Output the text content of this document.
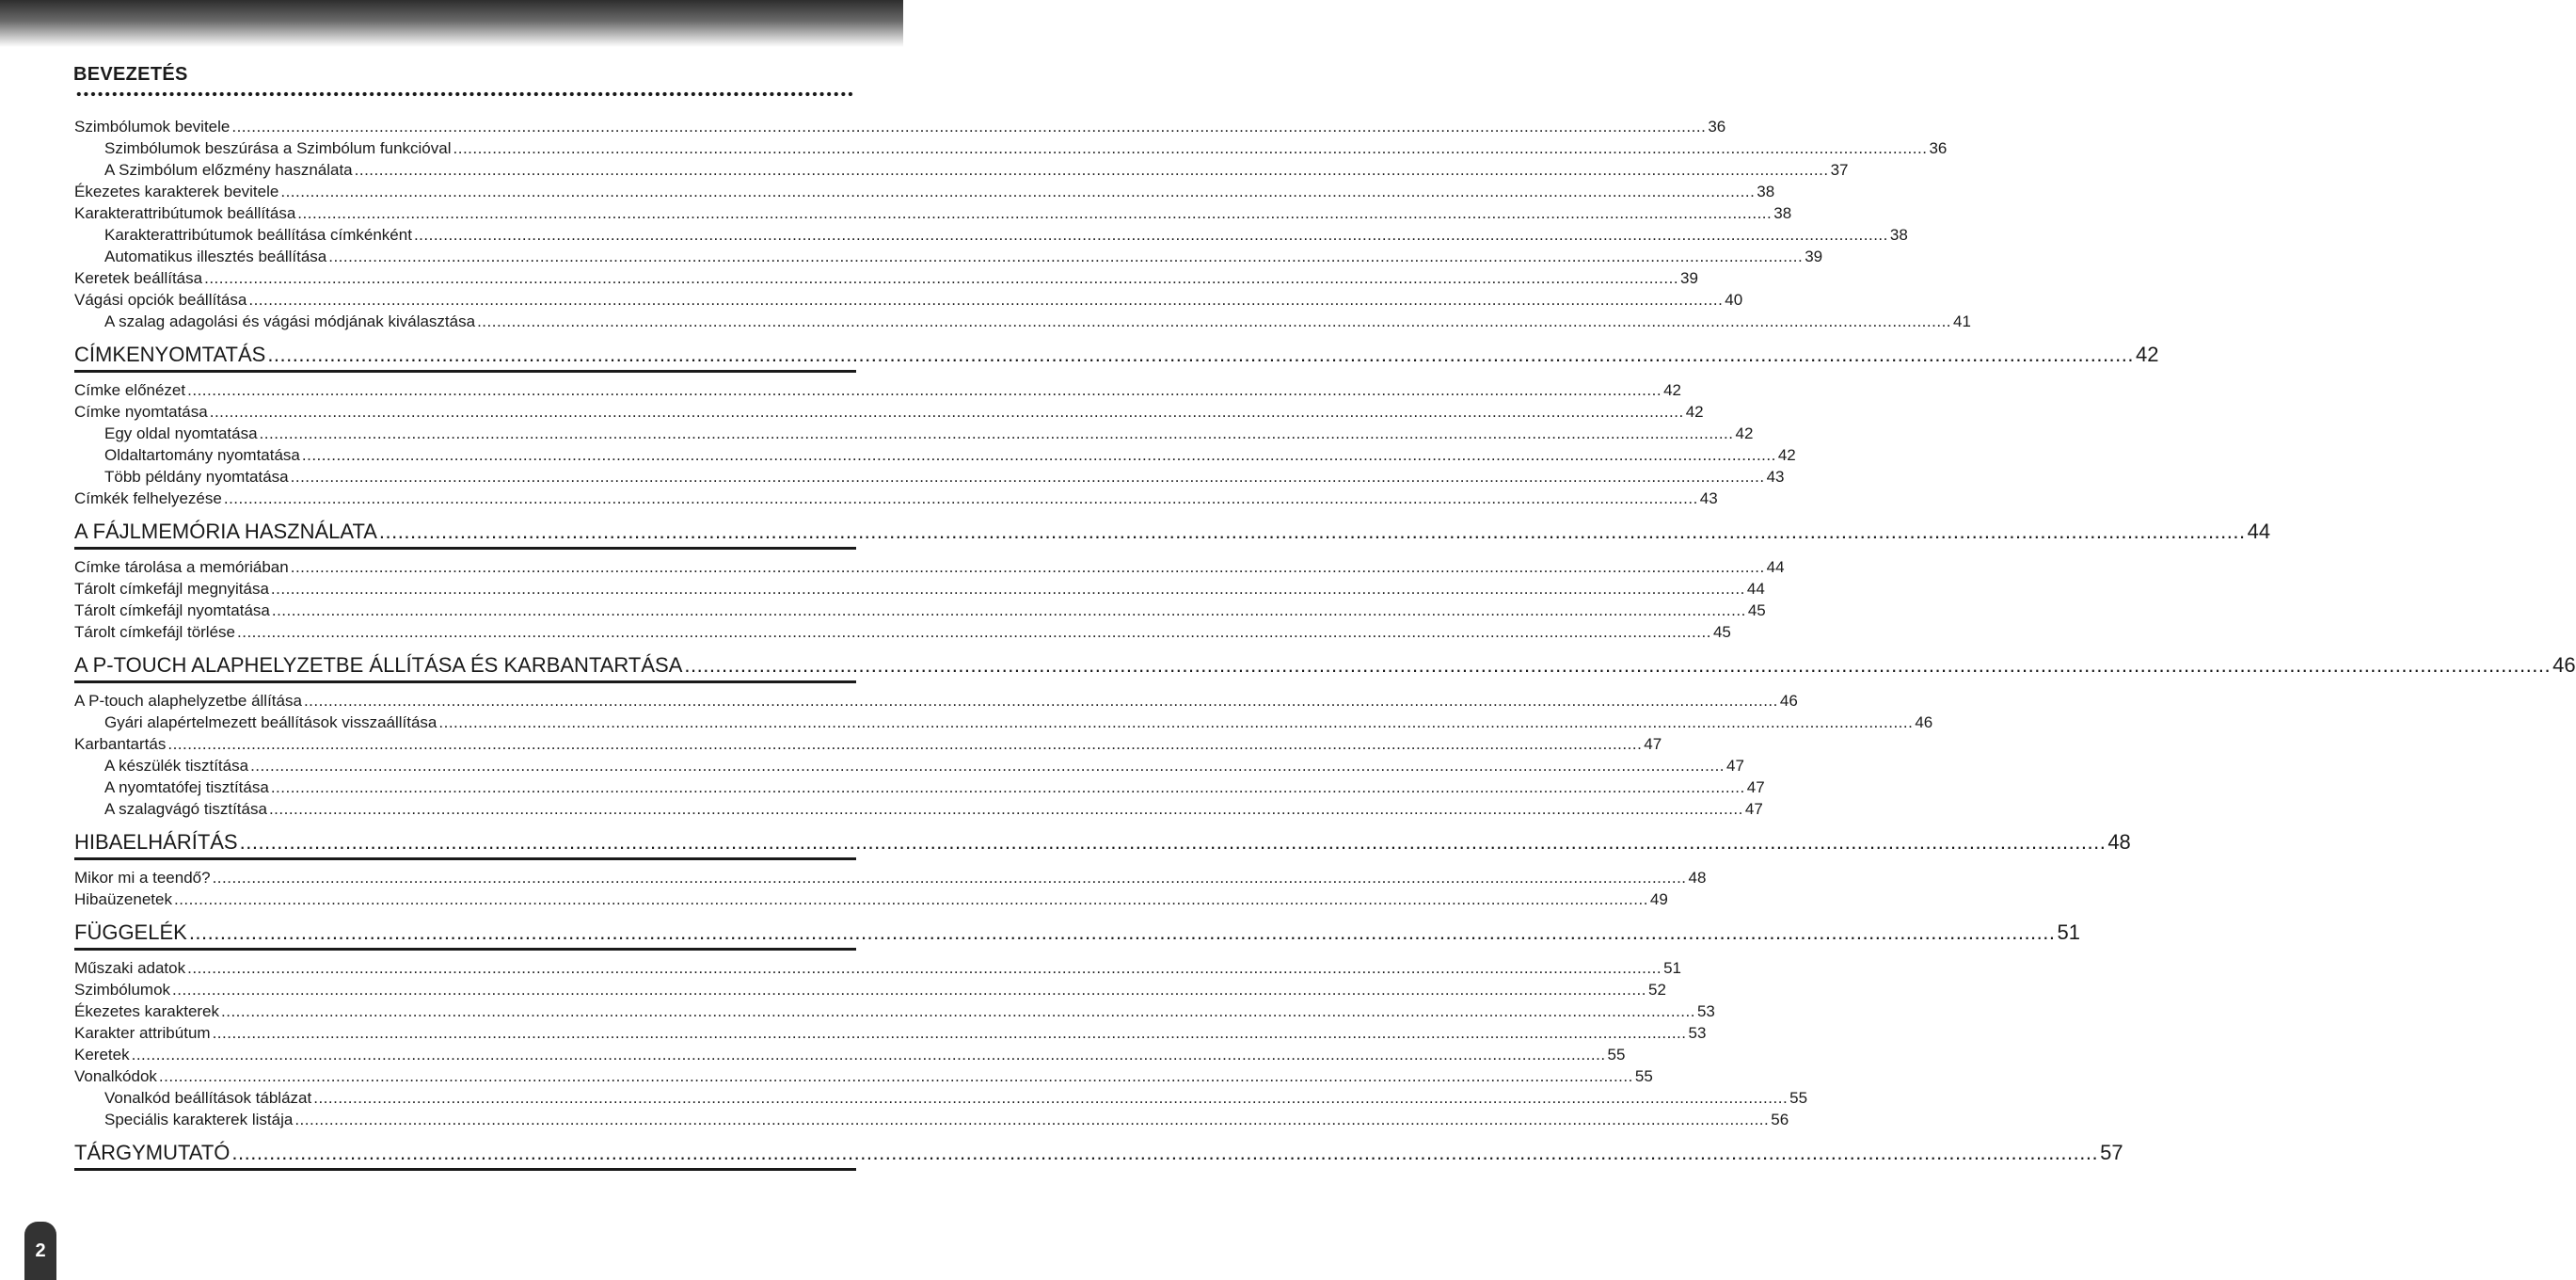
BEVEZETÉS
Szimbólumok bevitele ............................................................................................................................................................................................................................................................................................................ 36
Szimbólumok beszúrása a Szimbólum funkcióval ............................................................................................................................................................................................................................................................................................................ 36
A Szimbólum előzmény használata ............................................................................................................................................................................................................................................................................................................ 37
Ékezetes karakterek bevitele ............................................................................................................................................................................................................................................................................................................ 38
Karakterattribútumok beállítása ............................................................................................................................................................................................................................................................................................................ 38
Karakterattribútumok beállítása címkénként ............................................................................................................................................................................................................................................................................................................ 38
Automatikus illesztés beállítása ............................................................................................................................................................................................................................................................................................................ 39
Keretek beállítása ............................................................................................................................................................................................................................................................................................................ 39
Vágási opciók beállítása ............................................................................................................................................................................................................................................................................................................ 40
A szalag adagolási és vágási módjának kiválasztása ............................................................................................................................................................................................................................................................................................................ 41
CÍMKENYOMTATÁS ............................................................................................................................................................................................................................................................................................................ 42
Címke előnézet ............................................................................................................................................................................................................................................................................................................ 42
Címke nyomtatása ............................................................................................................................................................................................................................................................................................................ 42
Egy oldal nyomtatása ............................................................................................................................................................................................................................................................................................................ 42
Oldaltartomány nyomtatása ............................................................................................................................................................................................................................................................................................................ 42
Több példány nyomtatása ............................................................................................................................................................................................................................................................................................................ 43
Címkék felhelyezése ............................................................................................................................................................................................................................................................................................................ 43
A FÁJLMEMÓRIA HASZNÁLATA ............................................................................................................................................................................................................................................................................................................ 44
Címke tárolása a memóriában ............................................................................................................................................................................................................................................................................................................ 44
Tárolt címkefájl megnyitása ............................................................................................................................................................................................................................................................................................................ 44
Tárolt címkefájl nyomtatása ............................................................................................................................................................................................................................................................................................................ 45
Tárolt címkefájl törlése ............................................................................................................................................................................................................................................................................................................ 45
A P-TOUCH ALAPHELYZETBE ÁLLÍTÁSA ÉS KARBANTARTÁSA ............................................................................................................................................................................................................................................................................................................ 46
A P-touch alaphelyzetbe állítása ............................................................................................................................................................................................................................................................................................................ 46
Gyári alapértelmezett beállítások visszaállítása ............................................................................................................................................................................................................................................................................................................ 46
Karbantartás ............................................................................................................................................................................................................................................................................................................ 47
A készülék tisztítása ............................................................................................................................................................................................................................................................................................................ 47
A nyomtatófej tisztítása ............................................................................................................................................................................................................................................................................................................ 47
A szalagvágó tisztítása ............................................................................................................................................................................................................................................................................................................ 47
HIBAELHÁRÍTÁS ............................................................................................................................................................................................................................................................................................................ 48
Mikor mi a teendő? ............................................................................................................................................................................................................................................................................................................ 48
Hibaüzenetek ............................................................................................................................................................................................................................................................................................................ 49
FÜGGELÉK ............................................................................................................................................................................................................................................................................................................ 51
Műszaki adatok ............................................................................................................................................................................................................................................................................................................ 51
Szimbólumok ............................................................................................................................................................................................................................................................................................................ 52
Ékezetes karakterek ............................................................................................................................................................................................................................................................................................................ 53
Karakter attribútum ............................................................................................................................................................................................................................................................................................................ 53
Keretek ............................................................................................................................................................................................................................................................................................................ 55
Vonalkódok ............................................................................................................................................................................................................................................................................................................ 55
Vonalkód beállítások táblázat ............................................................................................................................................................................................................................................................................................................ 55
Speciális karakterek listája ............................................................................................................................................................................................................................................................................................................ 56
TÁRGYMUTATÓ ............................................................................................................................................................................................................................................................................................................ 57
2
